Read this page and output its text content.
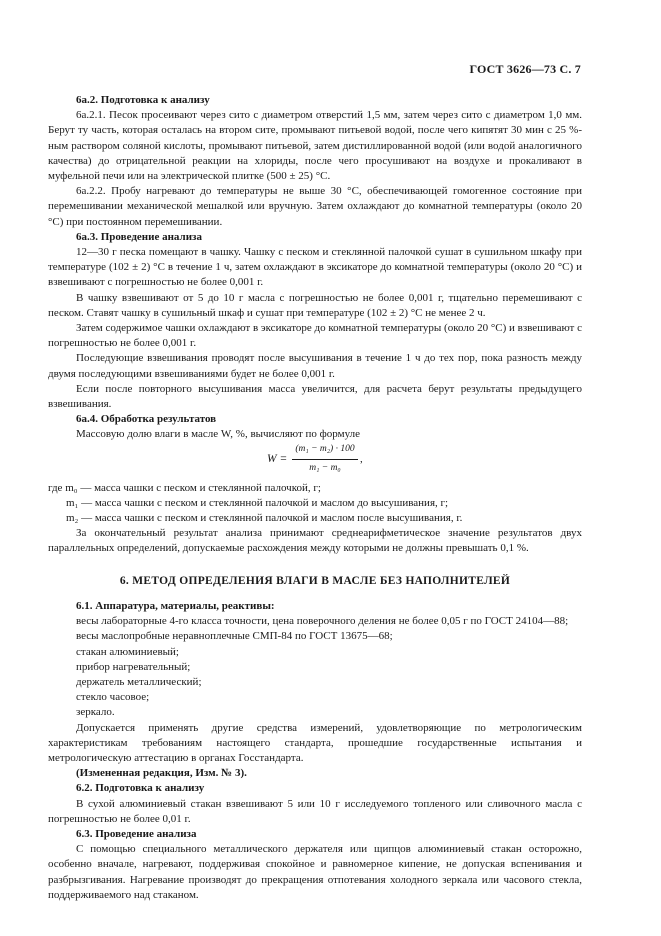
ГОСТ 3626—73 С. 7

6а.2. Подготовка к анализу

6а.2.1. Песок просеивают через сито с диаметром отверстий 1,5 мм, затем через сито с диаметром 1,0 мм. Берут ту часть, которая осталась на втором сите, промывают питьевой водой, после чего кипятят 30 мин с 25 %-ным раствором соляной кислоты, промывают питьевой, затем дистиллированной водой (или водой аналогичного качества) до отрицательной реакции на хлориды, после чего просушивают на воздухе и прокаливают в муфельной печи или на электрической плитке (500 ± 25) °С.

6а.2.2. Пробу нагревают до температуры не выше 30 °С, обеспечивающей гомогенное состояние при перемешивании механической мешалкой или вручную. Затем охлаждают до комнатной температуры (около 20 °С) при постоянном перемешивании.

6а.3. Проведение анализа

12—30 г песка помещают в чашку. Чашку с песком и стеклянной палочкой сушат в сушильном шкафу при температуре (102 ± 2) °С в течение 1 ч, затем охлаждают в эксикаторе до комнатной температуры (около 20 °С) и взвешивают с погрешностью не более 0,001 г.

В чашку взвешивают от 5 до 10 г масла с погрешностью не более 0,001 г, тщательно перемешивают с песком. Ставят чашку в сушильный шкаф и сушат при температуре (102 ± 2) °С не менее 2 ч.

Затем содержимое чашки охлаждают в эксикаторе до комнатной температуры (около 20 °С) и взвешивают с погрешностью не более 0,001 г.

Последующие взвешивания проводят после высушивания в течение 1 ч до тех пор, пока разность между двумя последующими взвешиваниями будет не более 0,001 г.

Если после повторного высушивания масса увеличится, для расчета берут результаты предыдущего взвешивания.

6а.4. Обработка результатов

Массовую долю влаги в масле W, %, вычисляют по формуле

W =
(m₁ − m₂) · 100
m₁ − m₀
,

где m₀ — масса чашки с песком и стеклянной палочкой, г;

m₁ — масса чашки с песком и стеклянной палочкой и маслом до высушивания, г;

m₂ — масса чашки с песком и стеклянной палочкой и маслом после высушивания, г.

За окончательный результат анализа принимают среднеарифметическое значение результатов двух параллельных определений, допускаемые расхождения между которыми не должны превышать 0,1 %.

6. МЕТОД ОПРЕДЕЛЕНИЯ ВЛАГИ В МАСЛЕ БЕЗ НАПОЛНИТЕЛЕЙ

6.1. Аппаратура, материалы, реактивы:

весы лабораторные 4-го класса точности, цена поверочного деления не более 0,05 г по ГОСТ 24104—88;

весы маслопробные неравноплечные СМП-84 по ГОСТ 13675—68;

стакан алюминиевый;

прибор нагревательный;

держатель металлический;

стекло часовое;

зеркало.

Допускается применять другие средства измерений, удовлетворяющие по метрологическим характеристикам требованиям настоящего стандарта, прошедшие государственные испытания и метрологическую аттестацию в органах Госстандарта.

(Измененная редакция, Изм. № 3).

6.2. Подготовка к анализу

В сухой алюминиевый стакан взвешивают 5 или 10 г исследуемого топленого или сливочного масла с погрешностью не более 0,01 г.

6.3. Проведение анализа

С помощью специального металлического держателя или щипцов алюминиевый стакан осторожно, особенно вначале, нагревают, поддерживая спокойное и равномерное кипение, не допуская вспенивания и разбрызгивания. Нагревание производят до прекращения отпотевания холодного зеркала или часового стекла, поддерживаемого над стаканом.
